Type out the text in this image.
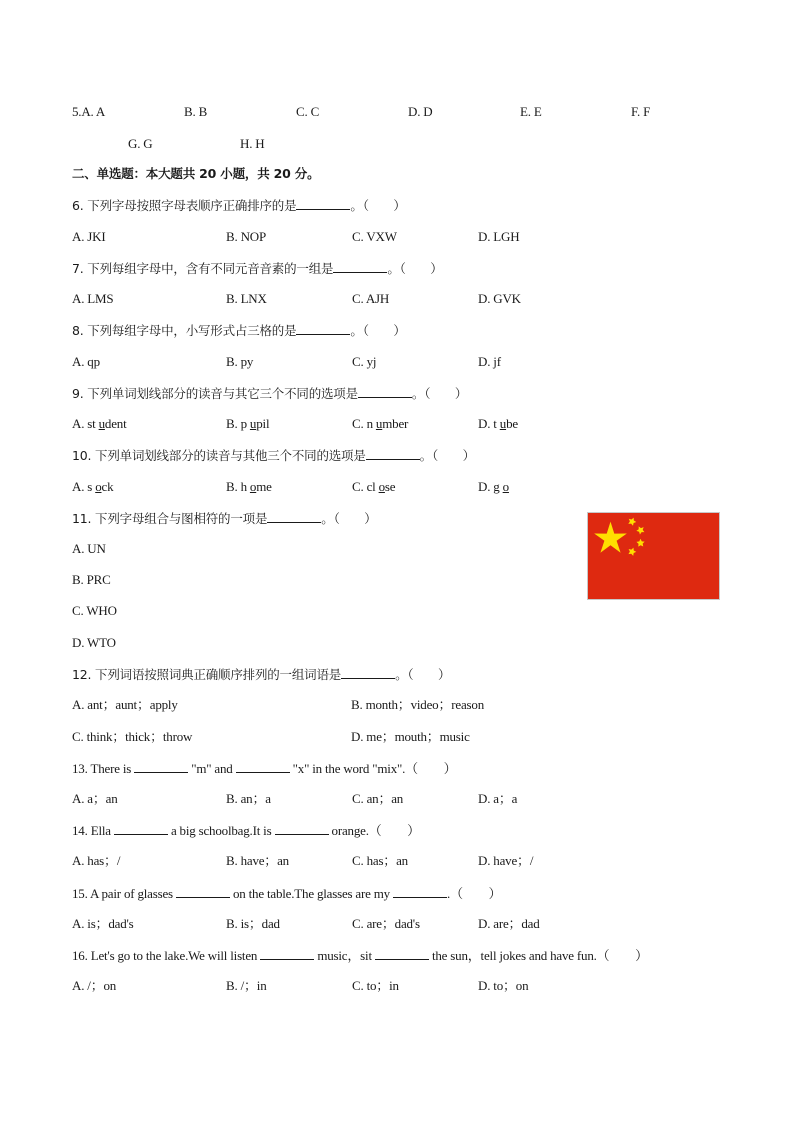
5.A. A	B. B	C. C	D. D	E. E	F. F
G. G	H. H
二、单选题：本大题共 20 小题，共 20 分。
6. 下列字母按照字母表顺序正确排序的是	。（　　）
A. JKI	B. NOP	C. VXW	D. LGH
7. 下列每组字母中，含有不同元音音素的一组是	。（　　）
A. LMS	B. LNX	C. AJH	D. GVK
8. 下列每组字母中，小写形式占三格的是	。（　　）
A. qp	B. py	C. yj	D. jf
9. 下列单词划线部分的读音与其它三个不同的选项是	。（　　）
A. st udent	B. p upil	C. n umber	D. t ube
10. 下列单词划线部分的读音与其他三个不同的选项是	。（　　）
A. s ock	B. h ome	C. cl ose	D. g o
11. 下列字母组合与图相符的一项是	。（　　）
A. UN
B. PRC
C. WHO
D. WTO
12. 下列词语按照词典正确顺序排列的一组词语是	。（　　）
A. ant；aunt；apply	B. month；video；reason
C. think；thick；throw	D. me；mouth；music
13. There is	"m" and	"x" in the word "mix".（　　）
A. a；an	B. an；a	C. an；an	D. a；a
14. Ella	a big schoolbag.It is	orange.（　　）
A. has；/	B. have；an	C. has；an	D. have；/
15. A pair of glasses	on the table.The glasses are my	.（　　）
A. is；dad's	B. is；dad	C. are；dad's	D. are；dad
16. Let's go to the lake.We will listen	music，sit	the sun，tell jokes and have fun.（　　）
A. /；on	B. /；in	C. to；in	D. to；on
